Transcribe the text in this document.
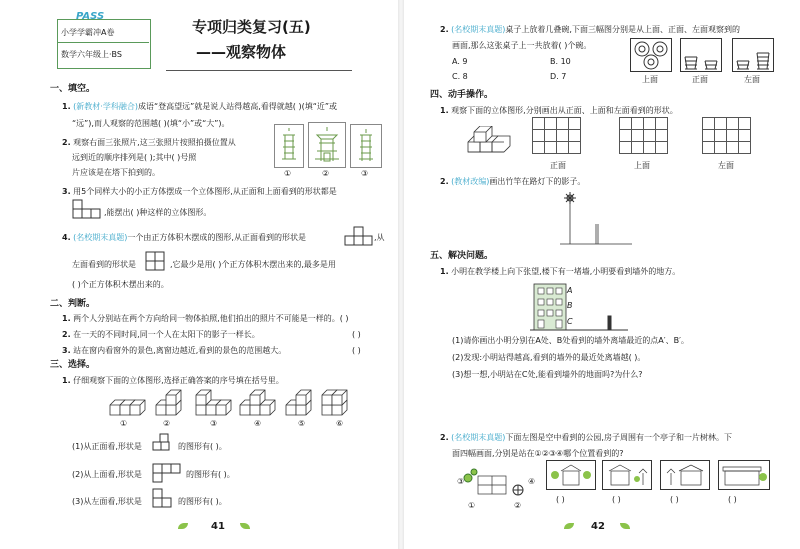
PASS
小学学霸冲A卷
数学六年级上·BS
专项归类复习(五)
——观察物体
一、填空。
1. (新教材·学科融合)成语“登高望远”就是说人站得越高,看得就越( )(填“近”或
“远”),而人观察的范围越( )(填“小”或“大”)。
2. 观察右面三张照片,这三张照片按照拍摄位置从
远到近的顺序排列是( );其中( )号照
片应该是在塔下拍到的。	①	②	③
3. 用5个同样大小的小正方体摆成一个立体图形,从正面和上面看到的形状都是
,能摆出( )种这样的立体图形。
4. (名校期末真题)一个由正方体积木摆成的图形,从正面看到的形状是	,从
左面看到的形状是	,它最少是用( )个正方体积木摆出来的,最多是用
( )个正方体积木摆出来的。
二、判断。
1. 两个人分别站在两个方向给同一物体拍照,他们拍出的照片不可能是一样的。( )
2. 在一天的不同时间,同一个人在太阳下的影子一样长。	( )
3. 站在窗内看窗外的景色,离窗边越近,看到的景色的范围越大。	( )
三、选择。
1. 仔细观察下面的立体图形,选择正确答案的序号填在括号里。
①	②	③	④	⑤	⑥
(1)从正面看,形状是	的图形有( )。
(2)从上面看,形状是	的图形有( )。
(3)从左面看,形状是	的图形有( )。
41
2. (名校期末真题)桌子上放着几叠碗,下面三幅图分别是从上面、正面、左面观察到的
画面,那么这张桌子上一共放着( )个碗。
A. 9	B. 10
C. 8	D. 7	上面	正面	左面
四、动手操作。
1. 观察下面的立体图形,分别画出从正面、上面和左面看到的形状。
正面	上面	左面
2. (教材改编)画出竹竿在路灯下的影子。
五、解决问题。
1. 小明在教学楼上向下张望,楼下有一堵墙,小明要看到墙外的地方。
A
B
C
(1)请你画出小明分别在A处、B处看到的墙外离墙最近的点A′、B′。
(2)发现:小明站得越高,看到的墙外的最近处离墙越( )。
(3)想一想,小明站在C处,能看到墙外的地面吗?为什么?
2. (名校期末真题)下面左图是空中看到的公园,房子周围有一个亭子和一片树林。下
面四幅画面,分别是站在①②③④哪个位置看到的?
③	④
①	②
( )	( )	( )	( )
42
